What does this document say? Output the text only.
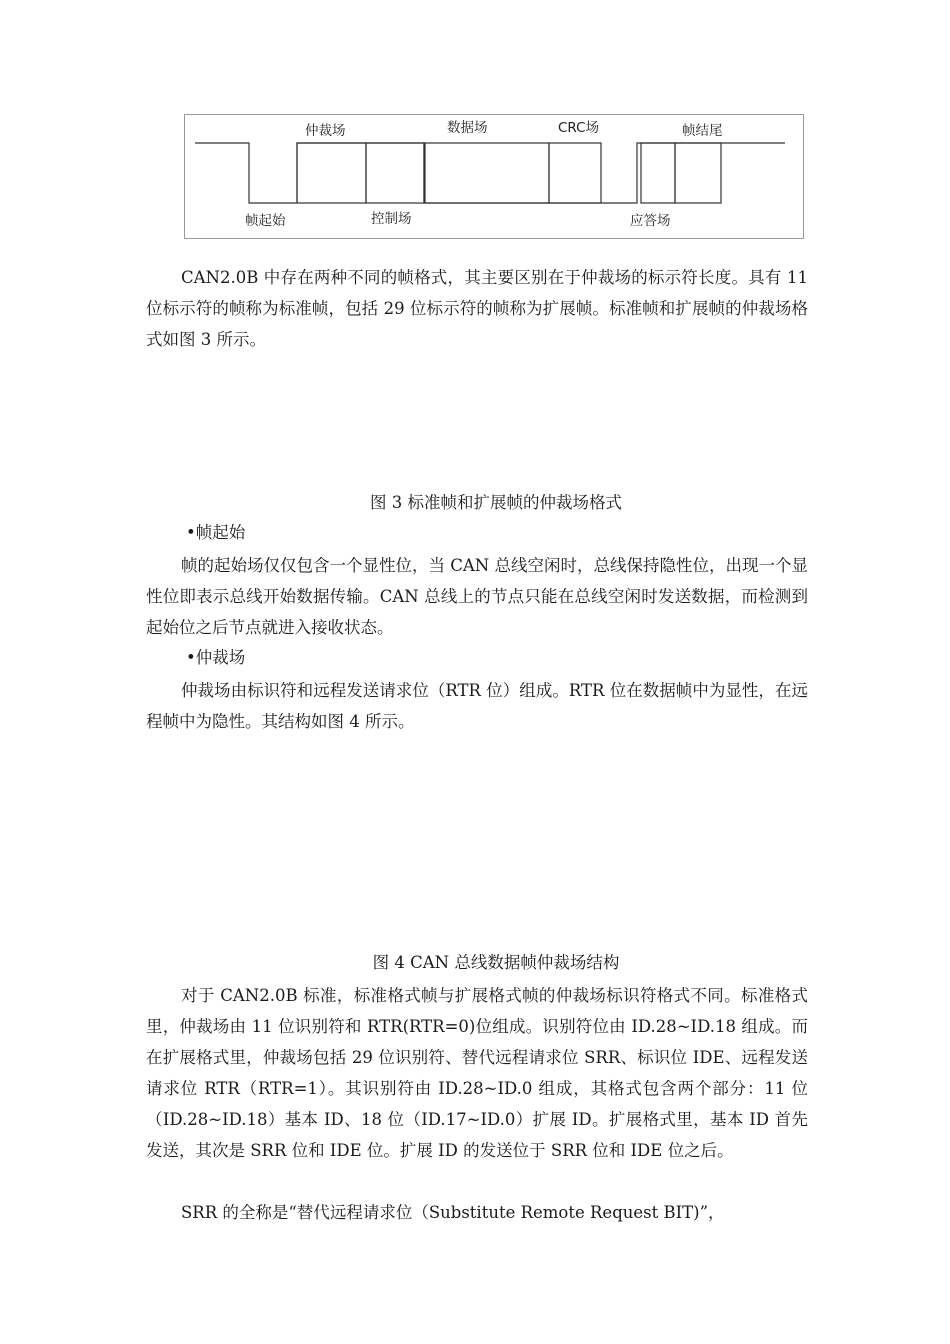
仲裁场	数据场	CRC场	帧结尾
帧起始	控制场	应答场

CAN2.0B 中存在两种不同的帧格式，其主要区别在于仲裁场的标示符长度。具有 11 位标示符的帧称为标准帧，包括 29 位标示符的帧称为扩展帧。标准帧和扩展帧的仲裁场格式如图 3 所示。

图 3 标准帧和扩展帧的仲裁场格式

•帧起始

帧的起始场仅仅包含一个显性位，当 CAN 总线空闲时，总线保持隐性位，出现一个显性位即表示总线开始数据传输。CAN 总线上的节点只能在总线空闲时发送数据，而检测到起始位之后节点就进入接收状态。

•仲裁场

仲裁场由标识符和远程发送请求位（RTR 位）组成。RTR 位在数据帧中为显性，在远程帧中为隐性。其结构如图 4 所示。

图 4 CAN 总线数据帧仲裁场结构

对于 CAN2.0B 标准，标准格式帧与扩展格式帧的仲裁场标识符格式不同。标准格式里，仲裁场由 11 位识别符和 RTR(RTR=0)位组成。识别符位由 ID.28~ID.18 组成。而在扩展格式里，仲裁场包括 29 位识别符、替代远程请求位 SRR、标识位 IDE、远程发送请求位 RTR（RTR=1）。其识别符由 ID.28~ID.0 组成，其格式包含两个部分：11 位（ID.28~ID.18）基本 ID、18 位（ID.17~ID.0）扩展 ID。扩展格式里，基本 ID 首先发送，其次是 SRR 位和 IDE 位。扩展 ID 的发送位于 SRR 位和 IDE 位之后。

SRR 的全称是“替代远程请求位（Substitute Remote Request BIT)”，
